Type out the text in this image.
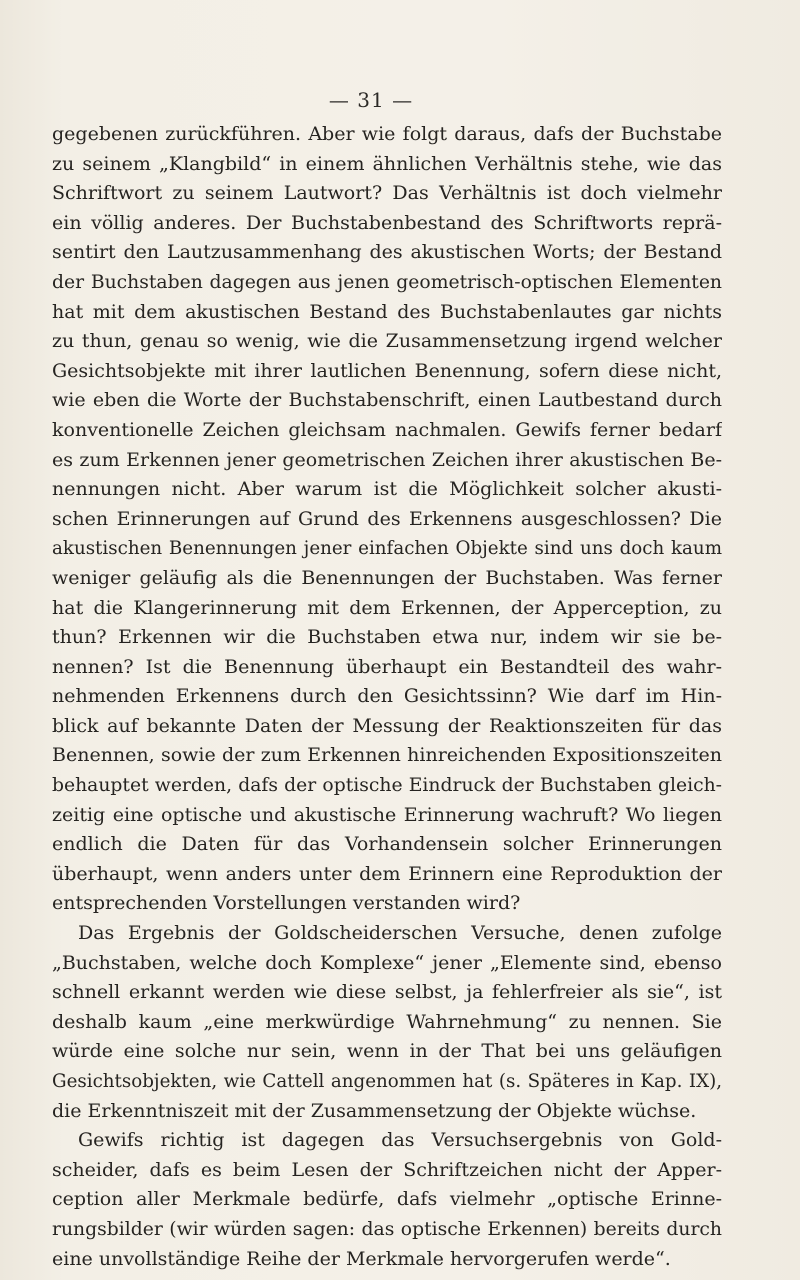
— 31 —
gegebenen zurückführen. Aber wie folgt daraus, dafs der Buchstabe
zu seinem „Klangbild“ in einem ähnlichen Verhältnis stehe, wie das
Schriftwort zu seinem Lautwort? Das Verhältnis ist doch vielmehr
ein völlig anderes. Der Buchstabenbestand des Schriftworts reprä-
sentirt den Lautzusammenhang des akustischen Worts; der Bestand
der Buchstaben dagegen aus jenen geometrisch-optischen Elementen
hat mit dem akustischen Bestand des Buchstabenlautes gar nichts
zu thun, genau so wenig, wie die Zusammensetzung irgend welcher
Gesichtsobjekte mit ihrer lautlichen Benennung, sofern diese nicht,
wie eben die Worte der Buchstabenschrift, einen Lautbestand durch
konventionelle Zeichen gleichsam nachmalen. Gewifs ferner bedarf
es zum Erkennen jener geometrischen Zeichen ihrer akustischen Be-
nennungen nicht. Aber warum ist die Möglichkeit solcher akusti-
schen Erinnerungen auf Grund des Erkennens ausgeschlossen? Die
akustischen Benennungen jener einfachen Objekte sind uns doch kaum
weniger geläufig als die Benennungen der Buchstaben. Was ferner
hat die Klangerinnerung mit dem Erkennen, der Apperception, zu
thun? Erkennen wir die Buchstaben etwa nur, indem wir sie be-
nennen? Ist die Benennung überhaupt ein Bestandteil des wahr-
nehmenden Erkennens durch den Gesichtssinn? Wie darf im Hin-
blick auf bekannte Daten der Messung der Reaktionszeiten für das
Benennen, sowie der zum Erkennen hinreichenden Expositionszeiten
behauptet werden, dafs der optische Eindruck der Buchstaben gleich-
zeitig eine optische und akustische Erinnerung wachruft? Wo liegen
endlich die Daten für das Vorhandensein solcher Erinnerungen
überhaupt, wenn anders unter dem Erinnern eine Reproduktion der
entsprechenden Vorstellungen verstanden wird?
Das Ergebnis der Goldscheiderschen Versuche, denen zufolge
„Buchstaben, welche doch Komplexe“ jener „Elemente sind, ebenso
schnell erkannt werden wie diese selbst, ja fehlerfreier als sie“, ist
deshalb kaum „eine merkwürdige Wahrnehmung“ zu nennen. Sie
würde eine solche nur sein, wenn in der That bei uns geläufigen
Gesichtsobjekten, wie Cattell angenommen hat (s. Späteres in Kap. IX),
die Erkenntniszeit mit der Zusammensetzung der Objekte wüchse.
Gewifs richtig ist dagegen das Versuchsergebnis von Gold-
scheider, dafs es beim Lesen der Schriftzeichen nicht der Apper-
ception aller Merkmale bedürfe, dafs vielmehr „optische Erinne-
rungsbilder (wir würden sagen: das optische Erkennen) bereits durch
eine unvollständige Reihe der Merkmale hervorgerufen werde“.
